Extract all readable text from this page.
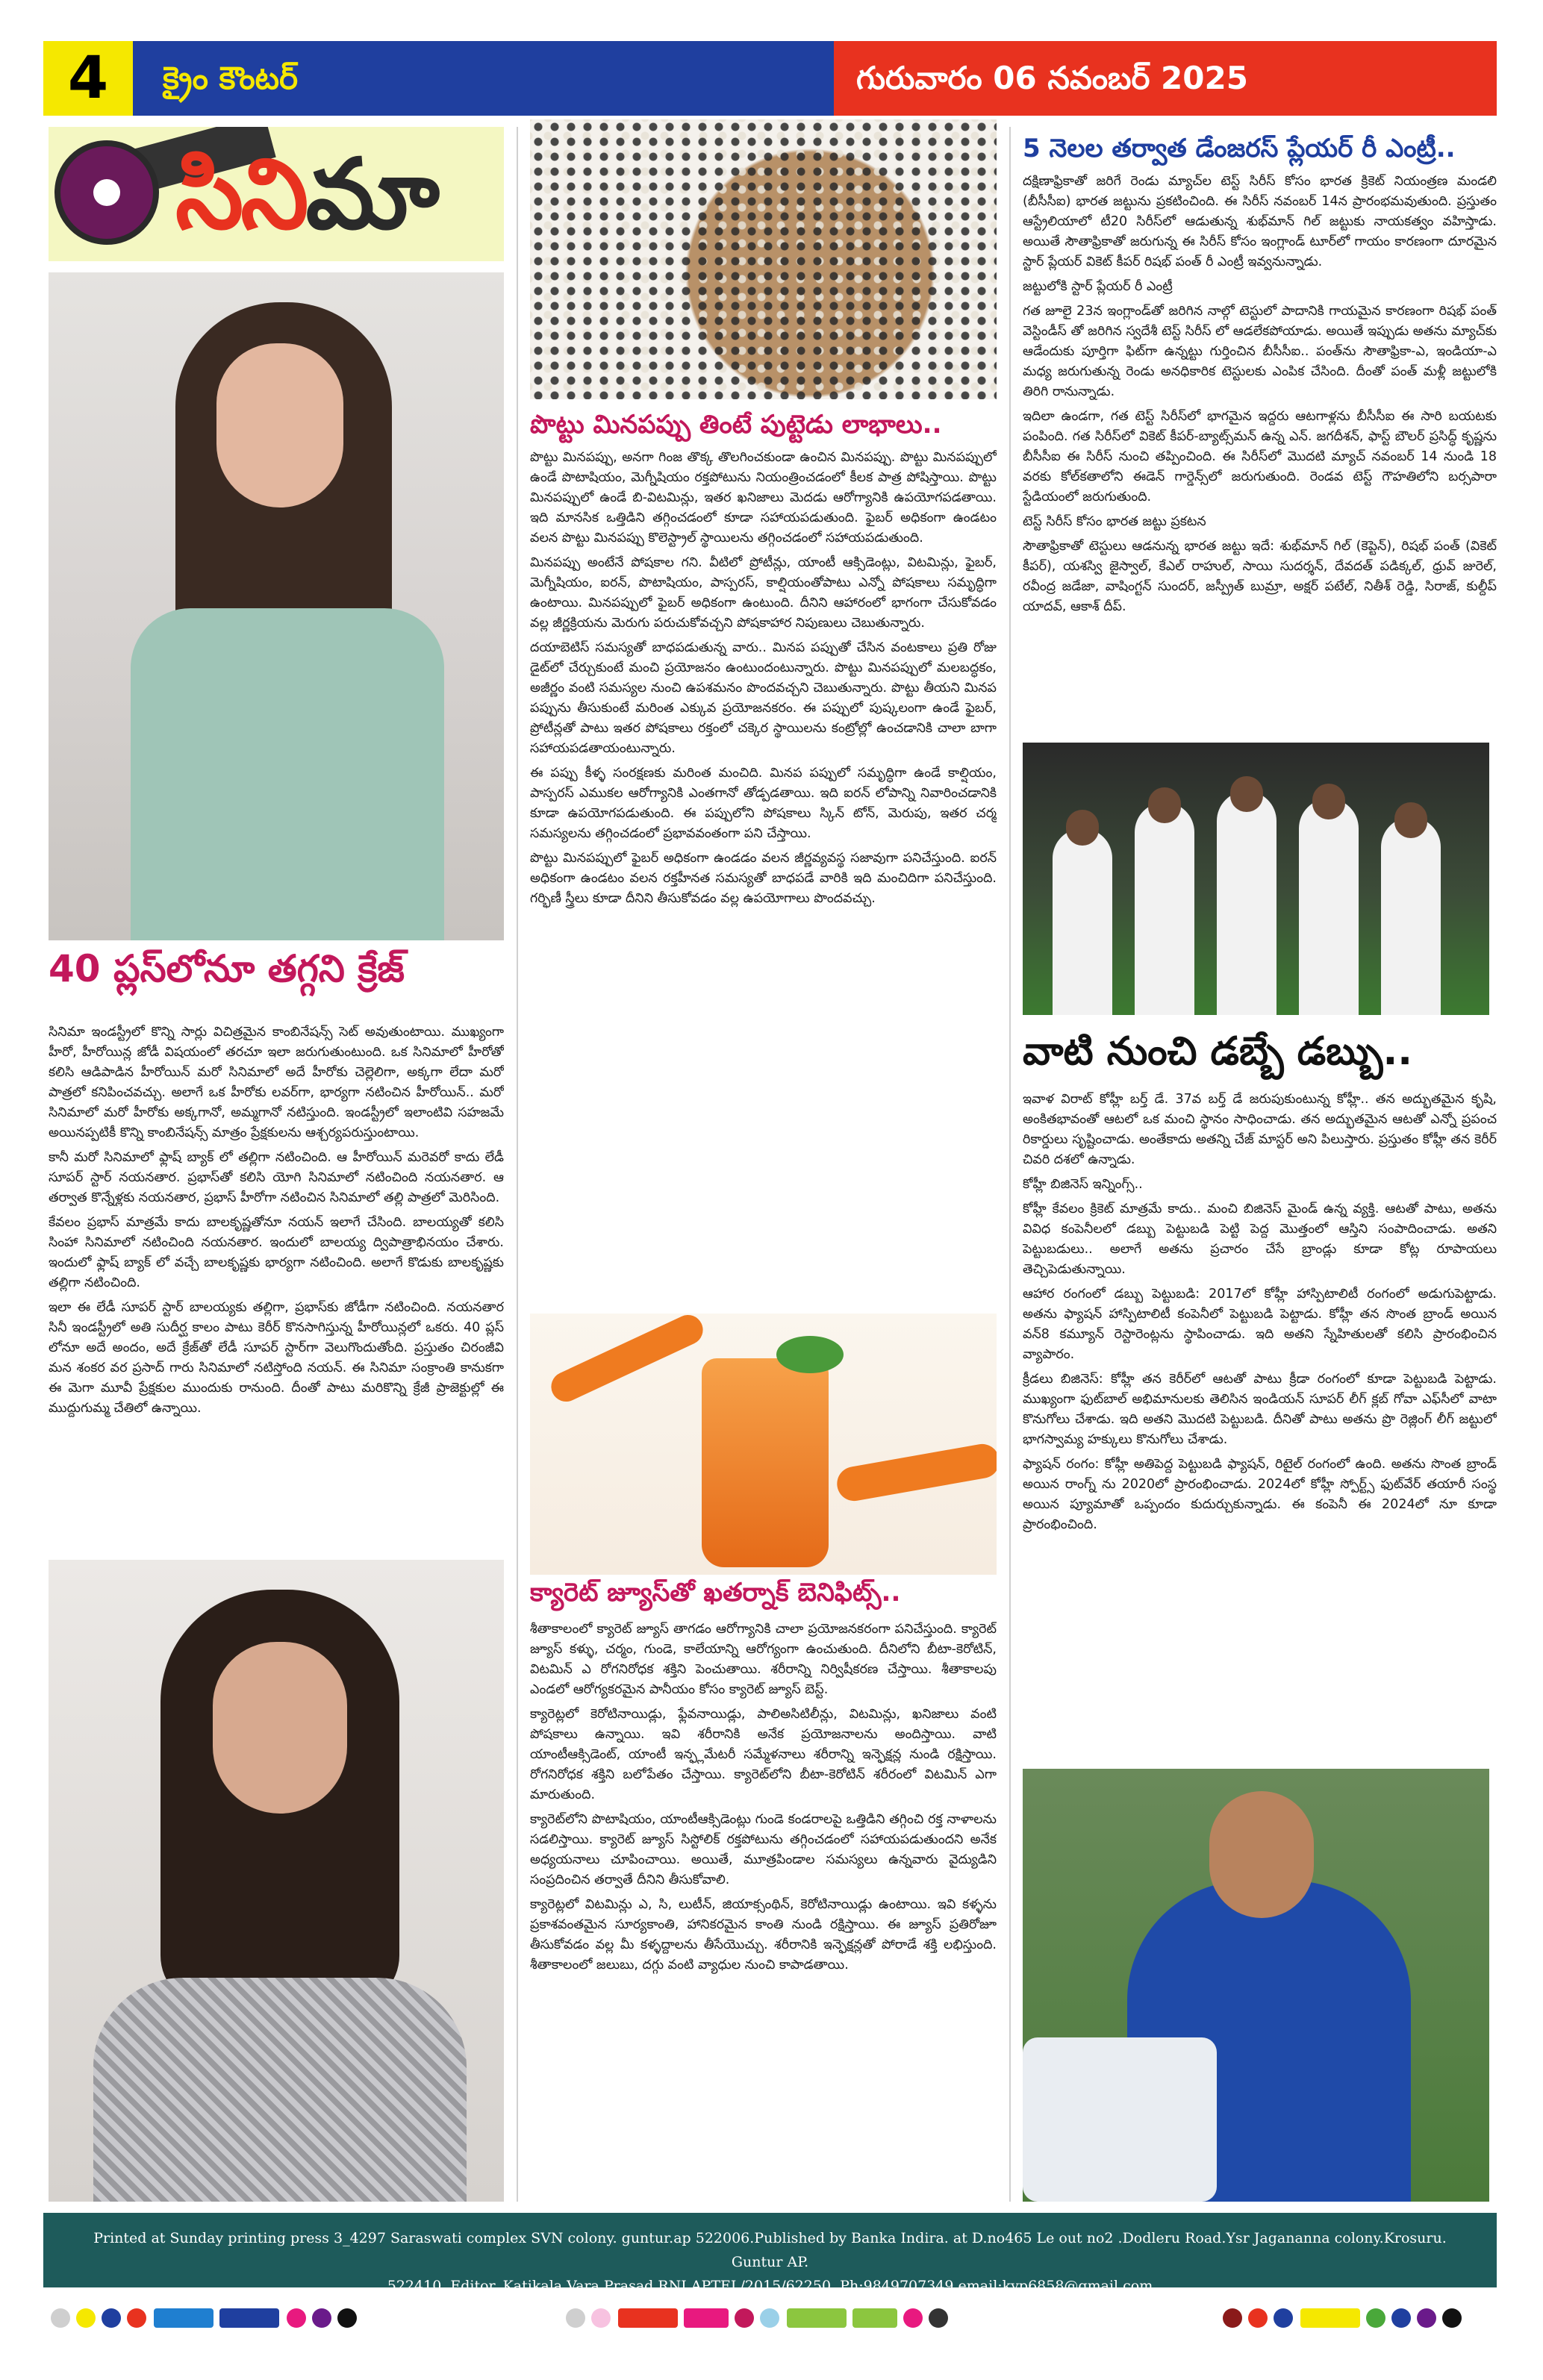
4	క్రైం కౌంటర్	గురువారం 06 నవంబర్ 2025
సినిమా
40 ప్లస్‌లోనూ తగ్గని క్రేజ్

సినిమా ఇండస్ట్రీలో కొన్ని సార్లు విచిత్రమైన కాంబినేషన్స్ సెట్ అవుతుంటాయి. ముఖ్యంగా హీరో, హీరోయిన్ల జోడీ విషయంలో తరచూ ఇలా జరుగుతుంటుంది. ఒక సినిమాలో హీరోతో కలిసి ఆడిపాడిన హీరోయిన్ మరో సినిమాలో అదే హీరోకు చెల్లెలిగా, అక్కగా లేదా మరో పాత్రలో కనిపించవచ్చు. అలాగే ఒక హీరోకు లవర్‌గా, భార్యగా నటించిన హీరోయిన్.. మరో సినిమాలో మరో హీరోకు అక్కగానో, అమ్మగానో నటిస్తుంది. ఇండస్ట్రీలో ఇలాంటివి సహజమే అయినప్పటికీ కొన్ని కాంబినేషన్స్ మాత్రం ప్రేక్షకులను ఆశ్చర్యపరుస్తుంటాయి.

కానీ మరో సినిమాలో ఫ్లాష్ బ్యాక్ లో తల్లిగా నటించింది. ఆ హీరోయిన్ మరెవరో కాదు లేడీ సూపర్ స్టార్ నయనతార. ప్రభాస్‌తో కలిసి యోగి సినిమాలో నటించింది నయనతార. ఆ తర్వాత కొన్నేళ్లకు నయనతార, ప్రభాస్ హీరోగా నటించిన సినిమాలో తల్లి పాత్రలో మెరిసింది.

కేవలం ప్రభాస్ మాత్రమే కాదు బాలకృష్ణతోనూ నయన్ ఇలాగే చేసింది. బాలయ్యతో కలిసి సింహా సినిమాలో నటించింది నయనతార. ఇందులో బాలయ్య ద్విపాత్రాభినయం చేశారు. ఇందులో ఫ్లాష్ బ్యాక్ లో వచ్చే బాలకృష్ణకు భార్యగా నటించింది. అలాగే కొడుకు బాలకృష్ణకు తల్లిగా నటించింది.

ఇలా ఈ లేడీ సూపర్ స్టార్ బాలయ్యకు తల్లిగా, ప్రభాస్‌కు జోడీగా నటించింది. నయనతార సినీ ఇండస్ట్రీలో అతి సుదీర్ఘ కాలం పాటు కెరీర్ కొనసాగిస్తున్న హీరోయిన్లలో ఒకరు. 40 ప్లస్ లోనూ అదే అందం, అదే క్రేజ్‌తో లేడీ సూపర్ స్టార్‌గా వెలుగొందుతోంది. ప్రస్తుతం చిరంజీవి మన శంకర వర ప్రసాద్ గారు సినిమాలో నటిస్తోంది నయన్. ఈ సినిమా సంక్రాంతి కానుకగా ఈ మెగా మూవీ ప్రేక్షకుల ముందుకు రానుంది. దీంతో పాటు మరికొన్ని క్రేజీ ప్రాజెక్టుల్లో ఈ ముద్దుగుమ్మ చేతిలో ఉన్నాయి.

పొట్టు మినపప్పు తింటే పుట్టెడు లాభాలు..

పొట్టు మినపప్పు, అనగా గింజ తొక్క తొలగించకుండా ఉంచిన మినపప్పు. పొట్టు మినపప్పులో ఉండే పొటాషియం, మెగ్నీషియం రక్తపోటును నియంత్రించడంలో కీలక పాత్ర పోషిస్తాయి. పొట్టు మినపప్పులో ఉండే బి-విటమిన్లు, ఇతర ఖనిజాలు మెదడు ఆరోగ్యానికి ఉపయోగపడతాయి. ఇది మానసిక ఒత్తిడిని తగ్గించడంలో కూడా సహాయపడుతుంది. ఫైబర్ అధికంగా ఉండటం వలన పొట్టు మినపప్పు కొలెస్ట్రాల్ స్థాయిలను తగ్గించడంలో సహాయపడుతుంది.

మినపప్పు అంటేనే పోషకాల గని. వీటిలో ప్రోటీన్లు, యాంటీ ఆక్సిడెంట్లు, విటమిన్లు, ఫైబర్, మెగ్నీషియం, ఐరన్, పొటాషియం, పాస్పరస్, కాల్షియంతోపాటు ఎన్నో పోషకాలు సమృద్ధిగా ఉంటాయి. మినపప్పులో ఫైబర్ అధికంగా ఉంటుంది. దీనిని ఆహారంలో భాగంగా చేసుకోవడం వల్ల జీర్ణక్రియను మెరుగు పరుచుకోవచ్చని పోషకాహార నిపుణులు చెబుతున్నారు.

దయాబెటిస్ సమస్యతో బాధపడుతున్న వారు.. మినప పప్పుతో చేసిన వంటకాలు ప్రతి రోజు డైట్‌లో చేర్చుకుంటే మంచి ప్రయోజనం ఉంటుందంటున్నారు. పొట్టు మినపప్పులో మలబద్ధకం, అజీర్ణం వంటి సమస్యల నుంచి ఉపశమనం పొందవచ్చని చెబుతున్నారు. పొట్టు తీయని మినప పప్పును తీసుకుంటే మరింత ఎక్కువ ప్రయోజనకరం. ఈ పప్పులో పుష్కలంగా ఉండే ఫైబర్, ప్రోటీన్లతో పాటు ఇతర పోషకాలు రక్తంలో చక్కెర స్థాయిలను కంట్రోల్లో ఉంచడానికి చాలా బాగా సహాయపడతాయంటున్నారు.

ఈ పప్పు కీళ్ళ సంరక్షణకు మరింత మంచిది. మినప పప్పులో సమృద్ధిగా ఉండే కాల్షియం, పాస్పరస్ ఎముకల ఆరోగ్యానికి ఎంతగానో తోడ్పడతాయి. ఇది ఐరన్ లోపాన్ని నివారించడానికి కూడా ఉపయోగపడుతుంది. ఈ పప్పులోని పోషకాలు స్కిన్ టోన్, మెరుపు, ఇతర చర్మ సమస్యలను తగ్గించడంలో ప్రభావవంతంగా పని చేస్తాయి.

పొట్టు మినపప్పులో ఫైబర్ అధికంగా ఉండడం వలన జీర్ణవ్యవస్థ సజావుగా పనిచేస్తుంది. ఐరన్ అధికంగా ఉండటం వలన రక్తహీనత సమస్యతో బాధపడే వారికి ఇది మంచిదిగా పనిచేస్తుంది. గర్భిణీ స్త్రీలు కూడా దీనిని తీసుకోవడం వల్ల ఉపయోగాలు పొందవచ్చు.

క్యారెట్ జ్యూస్‌తో ఖతర్నాక్ బెనిఫిట్స్..

శీతాకాలంలో క్యారెట్ జ్యూస్ తాగడం ఆరోగ్యానికి చాలా ప్రయోజనకరంగా పనిచేస్తుంది. క్యారెట్ జ్యూస్ కళ్ళు, చర్మం, గుండె, కాలేయాన్ని ఆరోగ్యంగా ఉంచుతుంది. దీనిలోని బీటా-కెరోటిన్, విటమిన్ ఎ రోగనిరోధక శక్తిని పెంచుతాయి. శరీరాన్ని నిర్విషీకరణ చేస్తాయి. శీతాకాలపు ఎండలో ఆరోగ్యకరమైన పానీయం కోసం క్యారెట్ జ్యూస్ బెస్ట్.

క్యారెట్లలో కెరోటినాయిడ్లు, ఫ్లేవనాయిడ్లు, పాలిఅసిటిలీన్లు, విటమిన్లు, ఖనిజాలు వంటి పోషకాలు ఉన్నాయి. ఇవి శరీరానికి అనేక ప్రయోజనాలను అందిస్తాయి. వాటి యాంటీఆక్సిడెంట్, యాంటీ ఇన్ఫ్లమేటరీ సమ్మేళనాలు శరీరాన్ని ఇన్ఫెక్షన్ల నుండి రక్షిస్తాయి. రోగనిరోధక శక్తిని బలోపేతం చేస్తాయి. క్యారెట్‌లోని బీటా-కెరోటిన్ శరీరంలో విటమిన్ ఎగా మారుతుంది.

క్యారెట్‌లోని పొటాషియం, యాంటీఆక్సిడెంట్లు గుండె కండరాలపై ఒత్తిడిని తగ్గించి రక్త నాళాలను సడలిస్తాయి. క్యారెట్ జ్యూస్ సిస్టోలిక్ రక్తపోటును తగ్గించడంలో సహాయపడుతుందని అనేక అధ్యయనాలు చూపించాయి. అయితే, మూత్రపిండాల సమస్యలు ఉన్నవారు వైద్యుడిని సంప్రదించిన తర్వాతే దీనిని తీసుకోవాలి.

క్యారెట్లలో విటమిన్లు ఎ, సి, లుటీన్, జియాక్సంథిన్, కెరోటినాయిడ్లు ఉంటాయి. ఇవి కళ్ళను ప్రకాశవంతమైన సూర్యకాంతి, హానికరమైన కాంతి నుండి రక్షిస్తాయి. ఈ జ్యూస్ ప్రతిరోజూ తీసుకోవడం వల్ల మీ కళ్ళద్దాలను తీసేయొచ్చు. శరీరానికి ఇన్ఫెక్షన్లతో పోరాడే శక్తి లభిస్తుంది. శీతాకాలంలో జలుబు, దగ్గు వంటి వ్యాధుల నుంచి కాపాడతాయి.

5 నెలల తర్వాత డేంజరస్ ప్లేయర్ రీ ఎంట్రీ..

దక్షిణాఫ్రికాతో జరిగే రెండు మ్యాచ్‌ల టెస్ట్ సిరీస్ కోసం భారత క్రికెట్ నియంత్రణ మండలి (బీసీసీఐ) భారత జట్టును ప్రకటించింది. ఈ సిరీస్ నవంబర్ 14న ప్రారంభమవుతుంది. ప్రస్తుతం ఆస్ట్రేలియాలో టీ20 సిరీస్‌లో ఆడుతున్న శుభ్‌మాన్ గిల్ జట్టుకు నాయకత్వం వహిస్తాడు. అయితే సౌతాఫ్రికాతో జరుగున్న ఈ సిరీస్ కోసం ఇంగ్లాండ్ టూర్‌లో గాయం కారణంగా దూరమైన స్టార్ ప్లేయర్ వికెట్ కీపర్ రిషభ్ పంత్ రీ ఎంట్రీ ఇవ్వనున్నాడు.

జట్టులోకి స్టార్ ప్లేయర్ రీ ఎంట్రీ

గత జూలై 23న ఇంగ్లాండ్‌తో జరిగిన నాల్గో టెస్టులో పాదానికి గాయమైన కారణంగా రిషభ్ పంత్ వెస్టిండీస్ తో జరిగిన స్వదేశీ టెస్ట్ సిరీస్ లో ఆడలేకపోయాడు. అయితే ఇప్పుడు అతను మ్యాచ్‌కు ఆడేందుకు పూర్తిగా ఫిట్‌గా ఉన్నట్టు గుర్తించిన బీసీసీఐ.. పంత్‌ను సౌతాఫ్రికా-ఎ, ఇండియా-ఎ మధ్య జరుగుతున్న రెండు అనధికారిక టెస్టులకు ఎంపిక చేసింది. దీంతో పంత్ మళ్లీ జట్టులోకి తిరిగి రానున్నాడు.

ఇదిలా ఉండగా, గత టెస్ట్ సిరీస్‌లో భాగమైన ఇద్దరు ఆటగాళ్లను బీసీసీఐ ఈ సారి బయటకు పంపింది. గత సిరీస్‌లో వికెట్ కీపర్-బ్యాట్స్‌మన్ ఉన్న ఎన్. జగదీశన్, ఫాస్ట్ బౌలర్ ప్రసిద్ధ్ కృష్ణను బీసీసీఐ ఈ సిరీస్ నుంచి తప్పించింది. ఈ సిరీస్‌లో మొదటి మ్యాచ్ నవంబర్ 14 నుండి 18 వరకు కోల్‌కతాలోని ఈడెన్ గార్డెన్స్‌లో జరుగుతుంది. రెండవ టెస్ట్ గౌహతిలోని బర్సపారా స్టేడియంలో జరుగుతుంది.

టెస్ట్ సిరీస్ కోసం భారత జట్టు ప్రకటన

సౌతాఫ్రికాతో టెస్టులు ఆడనున్న భారత జట్టు ఇదే: శుభ్‌మాన్ గిల్ (కెప్టెన్), రిషభ్ పంత్ (వికెట్ కీపర్), యశస్వి జైస్వాల్, కేఎల్ రాహుల్, సాయి సుదర్శన్, దేవదత్ పడిక్కల్, ధ్రువ్ జురెల్, రవీంద్ర జడేజా, వాషింగ్టన్ సుందర్, జస్ప్రీత్ బుమ్రా, అక్షర్ పటేల్, నితీశ్ రెడ్డి, సిరాజ్, కుల్దీప్ యాదవ్, ఆకాశ్ దీప్.

వాటి నుంచి డబ్బే డబ్బు..

ఇవాళ విరాట్ కోహ్లీ బర్త్ డే. 37వ బర్త్ డే జరుపుకుంటున్న కోహ్లీ.. తన అద్భుతమైన కృషి, అంకితభావంతో ఆటలో ఒక మంచి స్థానం సాధించాడు. తన అద్భుతమైన ఆటతో ఎన్నో ప్రపంచ రికార్డులు సృష్టించాడు. అంతేకాదు అతన్ని చేజ్ మాస్టర్ అని పిలుస్తారు. ప్రస్తుతం కోహ్లీ తన కెరీర్ చివరి దశలో ఉన్నాడు.

కోహ్లీ బిజినెస్ ఇన్నింగ్స్..

కోహ్లీ కేవలం క్రికెట్ మాత్రమే కాదు.. మంచి బిజినెస్ మైండ్ ఉన్న వ్యక్తి. ఆటతో పాటు, అతను వివిధ కంపెనీలలో డబ్బు పెట్టుబడి పెట్టి పెద్ద మొత్తంలో ఆస్తిని సంపాదించాడు. అతని పెట్టుబడులు.. అలాగే అతను ప్రచారం చేసే బ్రాండ్లు కూడా కోట్ల రూపాయలు తెచ్చిపెడుతున్నాయి.

ఆహార రంగంలో డబ్బు పెట్టుబడి: 2017లో కోహ్లీ హాస్పిటాలిటీ రంగంలో అడుగుపెట్టాడు. అతను ఫ్యాషన్ హాస్పిటాలిటీ కంపెనీలో పెట్టుబడి పెట్టాడు. కోహ్లీ తన సొంత బ్రాండ్ అయిన వన్8 కమ్యూన్ రెస్టారెంట్లను స్థాపించాడు. ఇది అతని స్నేహితులతో కలిసి ప్రారంభించిన వ్యాపారం.

క్రీడలు బిజినెస్: కోహ్లీ తన కెరీర్‌లో ఆటతో పాటు క్రీడా రంగంలో కూడా పెట్టుబడి పెట్టాడు. ముఖ్యంగా ఫుట్‌బాల్ అభిమానులకు తెలిసిన ఇండియన్ సూపర్ లీగ్ క్లబ్ గోవా ఎఫ్‌సీలో వాటా కొనుగోలు చేశాడు. ఇది అతని మొదటి పెట్టుబడి. దీనితో పాటు అతను ప్రొ రెజ్లింగ్ లీగ్ జట్టులో భాగస్వామ్య హక్కులు కొనుగోలు చేశాడు.

ఫ్యాషన్ రంగం: కోహ్లీ అతిపెద్ద పెట్టుబడి ఫ్యాషన్, రిటైల్ రంగంలో ఉంది. అతను సొంత బ్రాండ్ అయిన రాంగ్న్ ను 2020లో ప్రారంభించాడు. 2024లో కోహ్లీ స్పోర్ట్స్ ఫుట్‌వేర్ తయారీ సంస్థ అయిన ప్యూమాతో ఒప్పందం కుదుర్చుకున్నాడు. ఈ కంపెనీ ఈ 2024లో నూ కూడా ప్రారంభించింది.

Printed at Sunday printing press 3_4297 Saraswati complex SVN colony. guntur.ap 522006.Published by Banka Indira. at D.no465 Le out no2 .Dodleru Road.Ysr Jagananna colony.Krosuru. Guntur AP.
522410. Editor. Katikala Vara Prasad.RNI APTEL/2015/62250. Ph:9849707349 email:kvp6858@gmail.com
